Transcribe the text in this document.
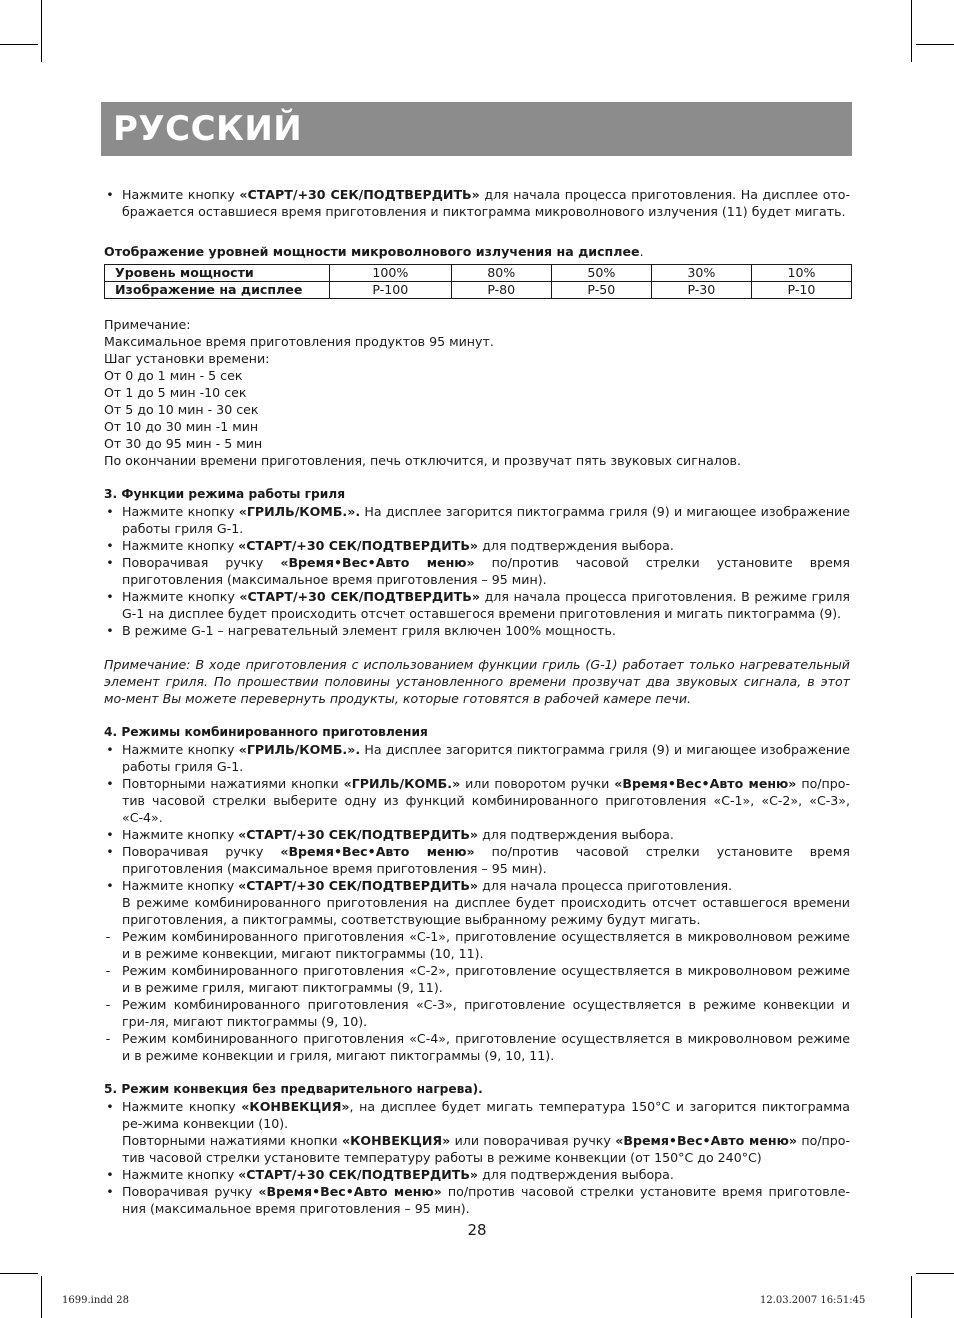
РУССКИЙ
• Нажмите кнопку «СТАРТ/+30 СЕК/ПОДТВЕРДИТЬ» для начала процесса приготовления. На дисплее ото-бражается оставшиеся время приготовления и пиктограмма микроволнового излучения (11) будет мигать.
Отображение уровней мощности микроволнового излучения на дисплее.
Уровень мощности	100%	80%	50%	30%	10%
Изображение на дисплее	P-100	P-80	P-50	P-30	P-10
Примечание:
Максимальное время приготовления продуктов 95 минут.
Шаг установки времени:
От 0 до 1 мин - 5 сек
От 1 до 5 мин -10 сек
От 5 до 10 мин - 30 сек
От 10 до 30 мин -1 мин
От 30 до 95 мин - 5 мин
По окончании времени приготовления, печь отключится, и прозвучат пять звуковых сигналов.
3. Функции режима работы гриля
• Нажмите кнопку «ГРИЛЬ/КОМБ.». На дисплее загорится пиктограмма гриля (9) и мигающее изображение работы гриля G-1.
• Нажмите кнопку «СТАРТ/+30 СЕК/ПОДТВЕРДИТЬ» для подтверждения выбора.
• Поворачивая ручку «Время•Вес•Авто меню» по/против часовой стрелки установите время приготовления (максимальное время приготовления – 95 мин).
• Нажмите кнопку «СТАРТ/+30 СЕК/ПОДТВЕРДИТЬ» для начала процесса приготовления. В режиме гриля G-1 на дисплее будет происходить отсчет оставшегося времени приготовления и мигать пиктограмма (9).
• В режиме G-1 – нагревательный элемент гриля включен 100% мощность.
Примечание: В ходе приготовления с использованием функции гриль (G-1) работает только нагревательный элемент гриля. По прошествии половины установленного времени прозвучат два звуковых сигнала, в этот мо-мент Вы можете перевернуть продукты, которые готовятся в рабочей камере печи.
4. Режимы комбинированного приготовления
• Нажмите кнопку «ГРИЛЬ/КОМБ.». На дисплее загорится пиктограмма гриля (9) и мигающее изображение работы гриля G-1.
• Повторными нажатиями кнопки «ГРИЛЬ/КОМБ.» или поворотом ручки «Время•Вес•Авто меню» по/про-тив часовой стрелки выберите одну из функций комбинированного приготовления «С-1», «С-2», «С-3», «С-4».
• Нажмите кнопку «СТАРТ/+30 СЕК/ПОДТВЕРДИТЬ» для подтверждения выбора.
• Поворачивая ручку «Время•Вес•Авто меню» по/против часовой стрелки установите время приготовления (максимальное время приготовления – 95 мин).
• Нажмите кнопку «СТАРТ/+30 СЕК/ПОДТВЕРДИТЬ» для начала процесса приготовления.
В режиме комбинированного приготовления на дисплее будет происходить отсчет оставшегося времени приготовления, а пиктограммы, соответствующие выбранному режиму будут мигать.
- Режим комбинированного приготовления «С-1», приготовление осуществляется в микроволновом режиме и в режиме конвекции, мигают пиктограммы (10, 11).
- Режим комбинированного приготовления «С-2», приготовление осуществляется в микроволновом режиме и в режиме гриля, мигают пиктограммы (9, 11).
- Режим комбинированного приготовления «С-3», приготовление осуществляется в режиме конвекции и гри-ля, мигают пиктограммы (9, 10).
- Режим комбинированного приготовления «С-4», приготовление осуществляется в микроволновом режиме и в режиме конвекции и гриля, мигают пиктограммы (9, 10, 11).
5. Режим конвекция без предварительного нагрева).
• Нажмите кнопку «КОНВЕКЦИЯ», на дисплее будет мигать температура 150°С и загорится пиктограмма ре-жима конвекции (10).
Повторными нажатиями кнопки «КОНВЕКЦИЯ» или поворачивая ручку «Время•Вес•Авто меню» по/про-тив часовой стрелки установите температуру работы в режиме конвекции (от 150°С до 240°С)
• Нажмите кнопку «СТАРТ/+30 СЕК/ПОДТВЕРДИТЬ» для подтверждения выбора.
• Поворачивая ручку «Время•Вес•Авто меню» по/против часовой стрелки установите время приготовле-ния (максимальное время приготовления – 95 мин).
28
1699.indd 28	12.03.2007 16:51:45
